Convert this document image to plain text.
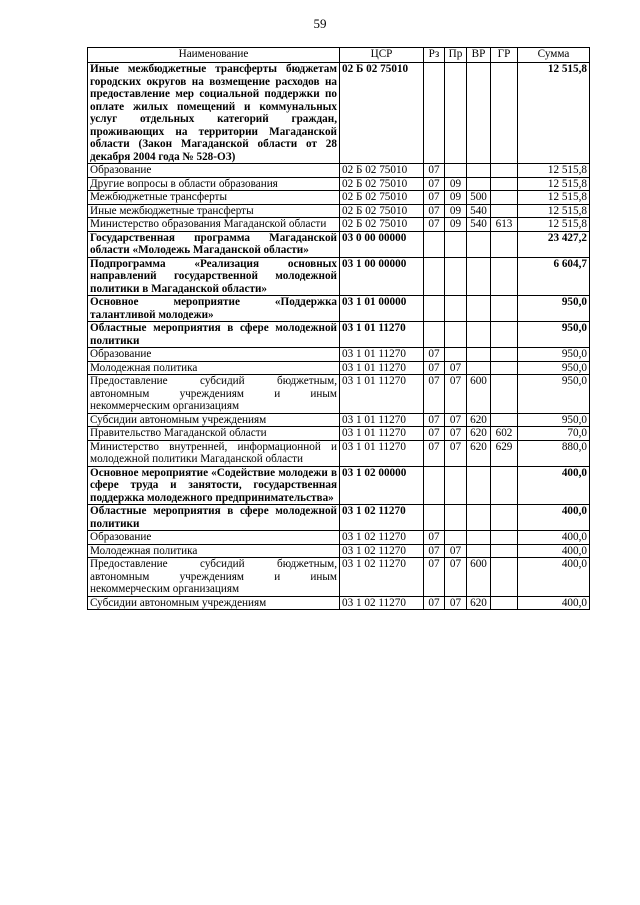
59
Наименование	ЦСР	Рз	Пр	ВР	ГР	Сумма
Иные межбюджетные трансферты бюджетам городских округов на возмещение расходов на предоставление мер социальной поддержки по оплате жилых помещений и коммунальных услуг отдельных категорий граждан, проживающих на территории Магаданской области (Закон Магаданской области от 28 декабря 2004 года № 528-ОЗ)	02 Б 02 75010					12 515,8
Образование	02 Б 02 75010	07				12 515,8
Другие вопросы в области образования	02 Б 02 75010	07	09			12 515,8
Межбюджетные трансферты	02 Б 02 75010	07	09	500		12 515,8
Иные межбюджетные трансферты	02 Б 02 75010	07	09	540		12 515,8
Министерство образования Магаданской области	02 Б 02 75010	07	09	540	613	12 515,8
Государственная программа Магаданской области «Молодежь Магаданской области»	03 0 00 00000					23 427,2
Подпрограмма «Реализация основных направлений государственной молодежной политики в Магаданской области»	03 1 00 00000					6 604,7
Основное мероприятие «Поддержка талантливой молодежи»	03 1 01 00000					950,0
Областные мероприятия в сфере молодежной политики	03 1 01 11270					950,0
Образование	03 1 01 11270	07				950,0
Молодежная политика	03 1 01 11270	07	07			950,0
Предоставление субсидий бюджетным, автономным учреждениям и иным некоммерческим организациям	03 1 01 11270	07	07	600		950,0
Субсидии автономным учреждениям	03 1 01 11270	07	07	620		950,0
Правительство Магаданской области	03 1 01 11270	07	07	620	602	70,0
Министерство внутренней, информационной и молодежной политики Магаданской области	03 1 01 11270	07	07	620	629	880,0
Основное мероприятие «Содействие молодежи в сфере труда и занятости, государственная поддержка молодежного предпринимательства»	03 1 02 00000					400,0
Областные мероприятия в сфере молодежной политики	03 1 02 11270					400,0
Образование	03 1 02 11270	07				400,0
Молодежная политика	03 1 02 11270	07	07			400,0
Предоставление субсидий бюджетным, автономным учреждениям и иным некоммерческим организациям	03 1 02 11270	07	07	600		400,0
Субсидии автономным учреждениям	03 1 02 11270	07	07	620		400,0
